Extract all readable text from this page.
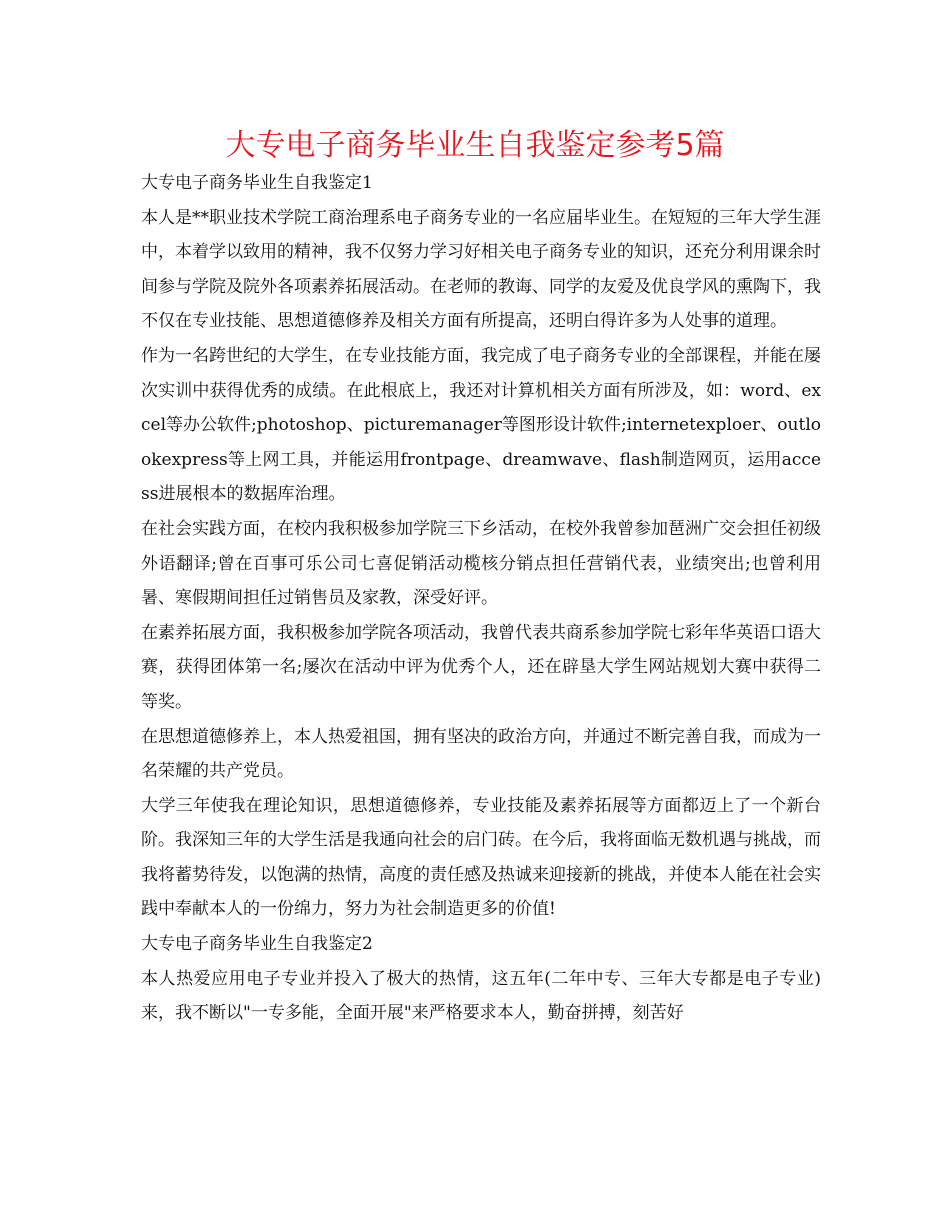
大专电子商务毕业生自我鉴定参考5篇

大专电子商务毕业生自我鉴定1

本人是**职业技术学院工商治理系电子商务专业的一名应届毕业生。在短短的三年大学生涯中，本着学以致用的精神，我不仅努力学习好相关电子商务专业的知识，还充分利用课余时间参与学院及院外各项素养拓展活动。在老师的教诲、同学的友爱及优良学风的熏陶下，我不仅在专业技能、思想道德修养及相关方面有所提高，还明白得许多为人处事的道理。

作为一名跨世纪的大学生，在专业技能方面，我完成了电子商务专业的全部课程，并能在屡次实训中获得优秀的成绩。在此根底上，我还对计算机相关方面有所涉及，如：word、excel等办公软件;photoshop、picturemanager等图形设计软件;internetexploer、outlookexpress等上网工具，并能运用frontpage、dreamwave、flash制造网页，运用access进展根本的数据库治理。

在社会实践方面，在校内我积极参加学院三下乡活动，在校外我曾参加琶洲广交会担任初级外语翻译;曾在百事可乐公司七喜促销活动榄核分销点担任营销代表，业绩突出;也曾利用暑、寒假期间担任过销售员及家教，深受好评。

在素养拓展方面，我积极参加学院各项活动，我曾代表共商系参加学院七彩年华英语口语大赛，获得团体第一名;屡次在活动中评为优秀个人，还在辟垦大学生网站规划大赛中获得二等奖。

在思想道德修养上，本人热爱祖国，拥有坚决的政治方向，并通过不断完善自我，而成为一名荣耀的共产党员。

大学三年使我在理论知识，思想道德修养，专业技能及素养拓展等方面都迈上了一个新台阶。我深知三年的大学生活是我通向社会的启门砖。在今后，我将面临无数机遇与挑战，而我将蓄势待发，以饱满的热情，高度的责任感及热诚来迎接新的挑战，并使本人能在社会实践中奉献本人的一份绵力，努力为社会制造更多的价值!

大专电子商务毕业生自我鉴定2

本人热爱应用电子专业并投入了极大的热情，这五年(二年中专、三年大专都是电子专业)来，我不断以"一专多能，全面开展"来严格要求本人，勤奋拼搏，刻苦好
